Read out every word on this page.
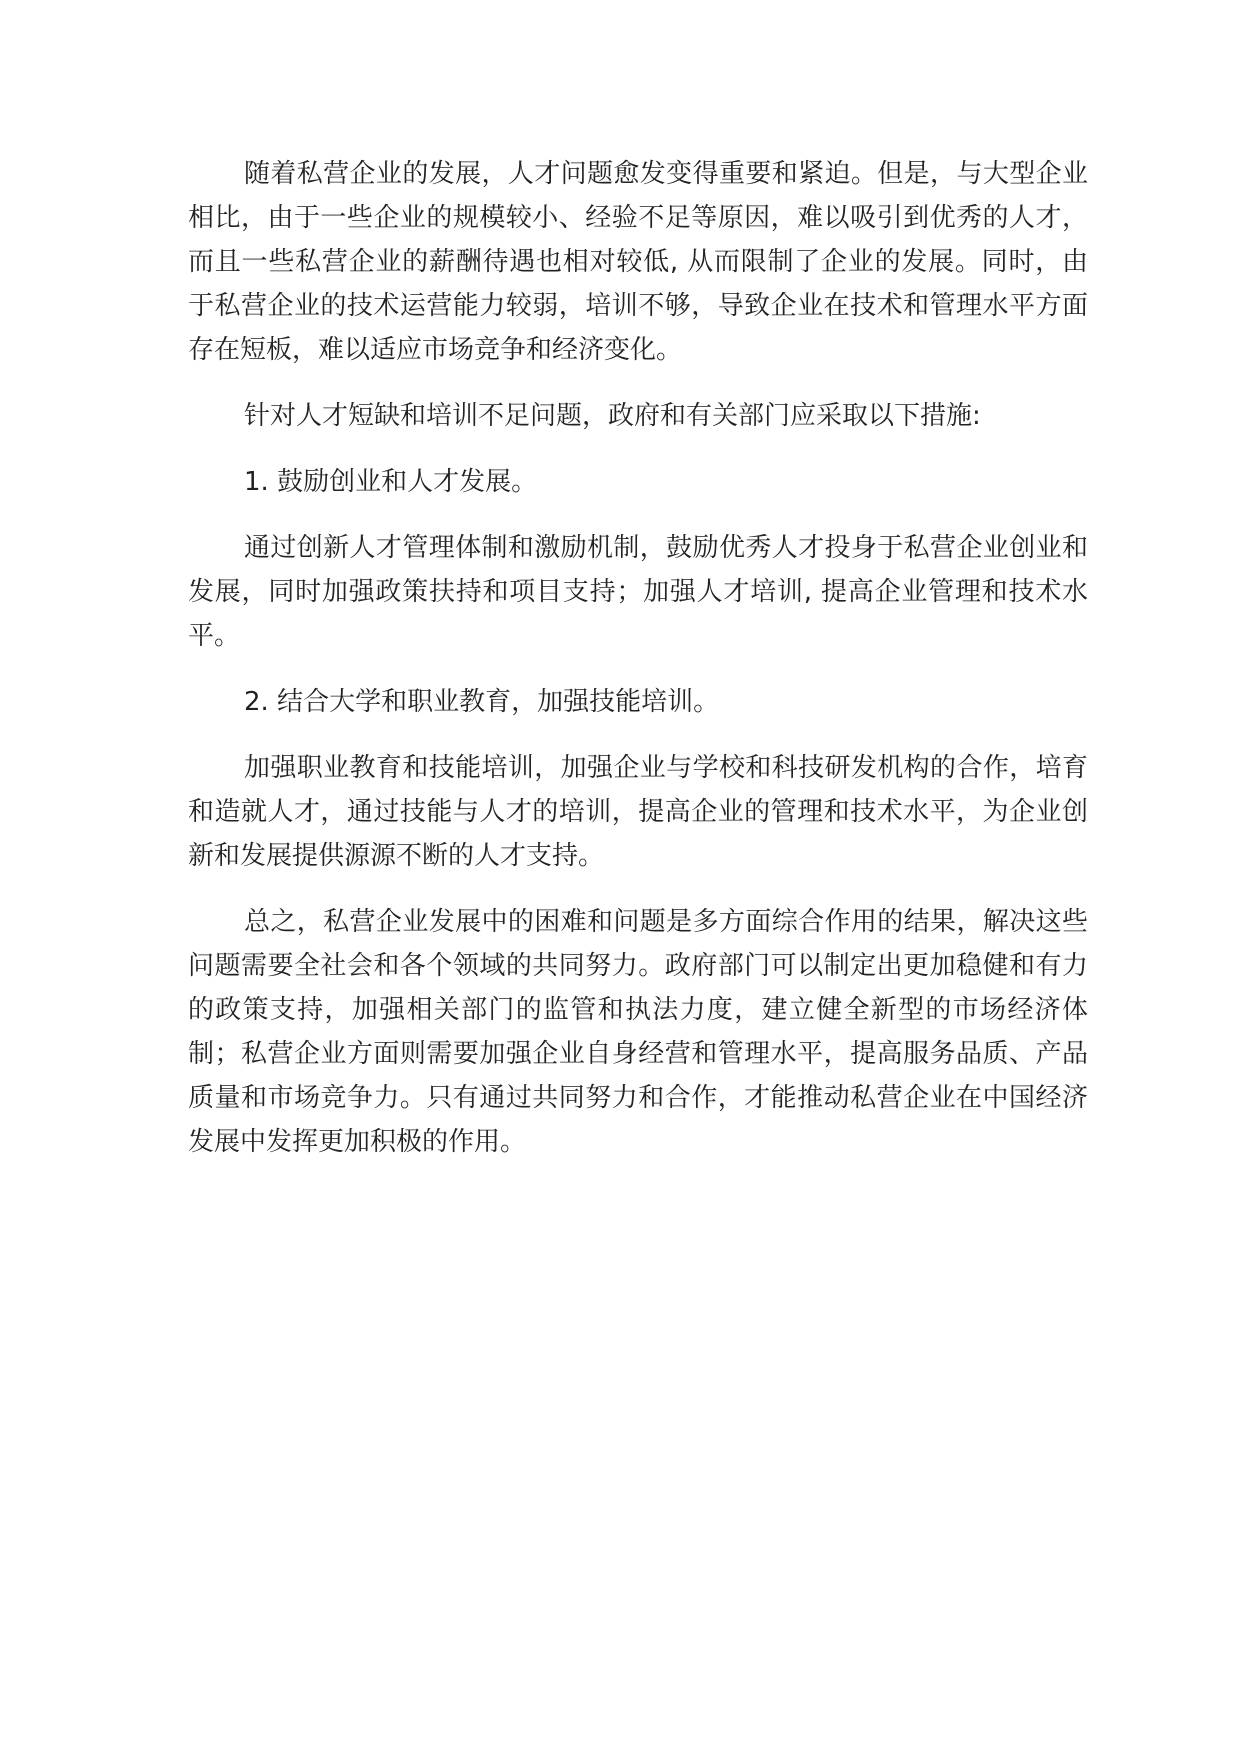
随着私营企业的发展，人才问题愈发变得重要和紧迫。但是，与大型企业相比，由于一些企业的规模较小、经验不足等原因，难以吸引到优秀的人才，而且一些私营企业的薪酬待遇也相对较低, 从而限制了企业的发展。同时，由于私营企业的技术运营能力较弱，培训不够，导致企业在技术和管理水平方面存在短板，难以适应市场竞争和经济变化。

针对人才短缺和培训不足问题，政府和有关部门应采取以下措施:

1. 鼓励创业和人才发展。

通过创新人才管理体制和激励机制，鼓励优秀人才投身于私营企业创业和发展，同时加强政策扶持和项目支持；加强人才培训, 提高企业管理和技术水平。

2. 结合大学和职业教育，加强技能培训。

加强职业教育和技能培训，加强企业与学校和科技研发机构的合作，培育和造就人才，通过技能与人才的培训，提高企业的管理和技术水平，为企业创新和发展提供源源不断的人才支持。

总之，私营企业发展中的困难和问题是多方面综合作用的结果，解决这些问题需要全社会和各个领域的共同努力。政府部门可以制定出更加稳健和有力的政策支持，加强相关部门的监管和执法力度，建立健全新型的市场经济体制；私营企业方面则需要加强企业自身经营和管理水平，提高服务品质、产品质量和市场竞争力。只有通过共同努力和合作，才能推动私营企业在中国经济发展中发挥更加积极的作用。
